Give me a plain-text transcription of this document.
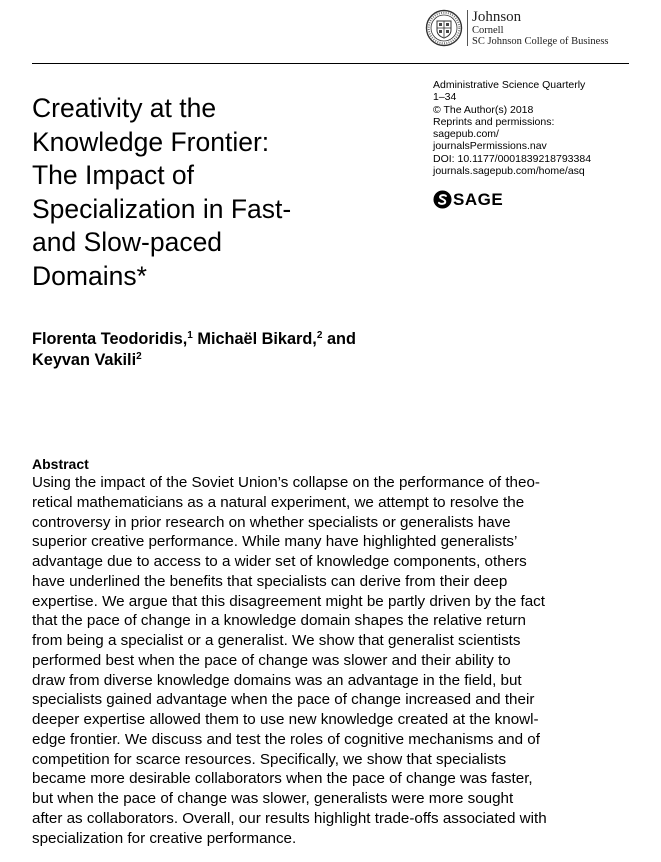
Johnson
Cornell
SC Johnson College of Business
Creativity at the
Knowledge Frontier:
The Impact of
Specialization in Fast-
and Slow-paced
Domains*
Administrative Science Quarterly
1–34
© The Author(s) 2018
Reprints and permissions:
sagepub.com/
journalsPermissions.nav
DOI: 10.1177/0001839218793384
journals.sagepub.com/home/asq
SAGE
Florenta Teodoridis,$^1$ Michaël Bikard,$^2$ and
Keyvan Vakili$^2$
Abstract
Using the impact of the Soviet Union’s collapse on the performance of theo-
retical mathematicians as a natural experiment, we attempt to resolve the
controversy in prior research on whether specialists or generalists have
superior creative performance. While many have highlighted generalists’
advantage due to access to a wider set of knowledge components, others
have underlined the benefits that specialists can derive from their deep
expertise. We argue that this disagreement might be partly driven by the fact
that the pace of change in a knowledge domain shapes the relative return
from being a specialist or a generalist. We show that generalist scientists
performed best when the pace of change was slower and their ability to
draw from diverse knowledge domains was an advantage in the field, but
specialists gained advantage when the pace of change increased and their
deeper expertise allowed them to use new knowledge created at the knowl-
edge frontier. We discuss and test the roles of cognitive mechanisms and of
competition for scarce resources. Specifically, we show that specialists
became more desirable collaborators when the pace of change was faster,
but when the pace of change was slower, generalists were more sought
after as collaborators. Overall, our results highlight trade-offs associated with
specialization for creative performance.
